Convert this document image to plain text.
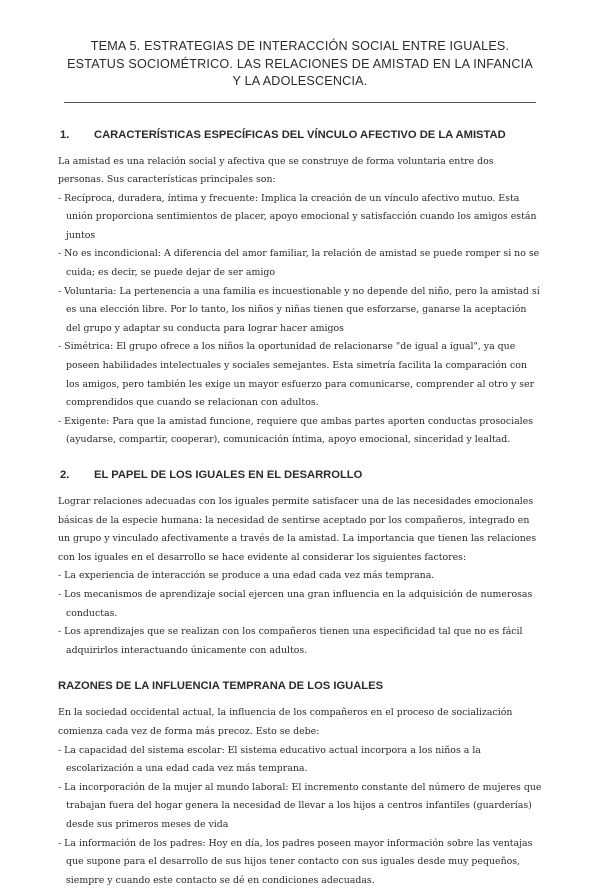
TEMA 5. ESTRATEGIAS DE INTERACCIÓN SOCIAL ENTRE IGUALES.
ESTATUS SOCIOMÉTRICO. LAS RELACIONES DE AMISTAD EN LA INFANCIA
Y LA ADOLESCENCIA.
1.	CARACTERÍSTICAS ESPECÍFICAS DEL VÍNCULO AFECTIVO DE LA AMISTAD

La amistad es una relación social y afectiva que se construye de forma voluntaria entre dos personas. Sus características principales son:

- Recíproca, duradera, íntima y frecuente: Implica la creación de un vínculo afectivo mutuo. Esta unión proporciona sentimientos de placer, apoyo emocional y satisfacción cuando los amigos están juntos
- No es incondicional: A diferencia del amor familiar, la relación de amistad se puede romper si no se cuida; es decir, se puede dejar de ser amigo
- Voluntaria: La pertenencia a una familia es incuestionable y no depende del niño, pero la amistad sí es una elección libre. Por lo tanto, los niños y niñas tienen que esforzarse, ganarse la aceptación del grupo y adaptar su conducta para lograr hacer amigos
- Simétrica: El grupo ofrece a los niños la oportunidad de relacionarse "de igual a igual", ya que poseen habilidades intelectuales y sociales semejantes. Esta simetría facilita la comparación con los amigos, pero también les exige un mayor esfuerzo para comunicarse, comprender al otro y ser comprendidos que cuando se relacionan con adultos.
- Exigente: Para que la amistad funcione, requiere que ambas partes aporten conductas prosociales (ayudarse, compartir, cooperar), comunicación íntima, apoyo emocional, sinceridad y lealtad.
2.	EL PAPEL DE LOS IGUALES EN EL DESARROLLO

Lograr relaciones adecuadas con los iguales permite satisfacer una de las necesidades emocionales básicas de la especie humana: la necesidad de sentirse aceptado por los compañeros, integrado en un grupo y vinculado afectivamente a través de la amistad. La importancia que tienen las relaciones con los iguales en el desarrollo se hace evidente al considerar los siguientes factores:

- La experiencia de interacción se produce a una edad cada vez más temprana.
- Los mecanismos de aprendizaje social ejercen una gran influencia en la adquisición de numerosas conductas.
- Los aprendizajes que se realizan con los compañeros tienen una especificidad tal que no es fácil adquirirlos interactuando únicamente con adultos.
RAZONES DE LA INFLUENCIA TEMPRANA DE LOS IGUALES

En la sociedad occidental actual, la influencia de los compañeros en el proceso de socialización comienza cada vez de forma más precoz. Esto se debe:

- La capacidad del sistema escolar: El sistema educativo actual incorpora a los niños a la escolarización a una edad cada vez más temprana.
- La incorporación de la mujer al mundo laboral: El incremento constante del número de mujeres que trabajan fuera del hogar genera la necesidad de llevar a los hijos a centros infantiles (guarderías) desde sus primeros meses de vida
- La información de los padres: Hoy en día, los padres poseen mayor información sobre las ventajas que supone para el desarrollo de sus hijos tener contacto con sus iguales desde muy pequeños, siempre y cuando este contacto se dé en condiciones adecuadas.
